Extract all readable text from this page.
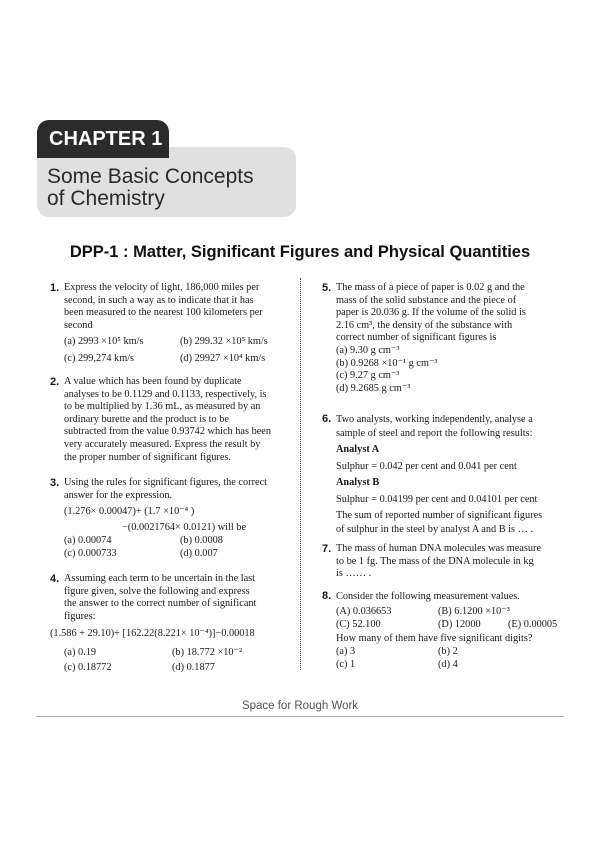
CHAPTER 1
Some Basic Concepts
of Chemistry
DPP-1 : Matter, Significant Figures and Physical Quantities
1. Express the velocity of light, 186,000 miles per
second, in such a way as to indicate that it has
been measured to the nearest 100 kilometers per
second
(a) 2993 ×10⁵ km/s	(b) 299.32 ×10⁵ km/s
(c) 299,274 km/s	(d) 29927 ×10⁴ km/s
2. A value which has been found by duplicate
analyses to be 0.1129 and 0.1133, respectively, is
to be multiplied by 1.36 mL, as measured by an
ordinary burette and the product is to be
subtracted from the value 0.93742 which has been
very accurately measured. Express the result by
the proper number of significant figures.
3. Using the rules for significant figures, the correct
answer for the expression.
(1.276× 0.00047)+ (1.7 ×10⁻⁴ )
−(0.0021764× 0.0121) will be
(a) 0.00074	(b) 0.0008
(c) 0.000733	(d) 0.007
4. Assuming each term to be uncertain in the last
figure given, solve the following and express
the answer to the correct number of significant
figures:
(1.586 + 29.10)+ [162.22(8.221× 10⁻⁴)]−0.00018
(a) 0.19	(b) 18.772 ×10⁻²
(c) 0.18772	(d) 0.1877
5. The mass of a piece of paper is 0.02 g and the
mass of the solid substance and the piece of
paper is 20.036 g. If the volume of the solid is
2.16 cm³, the density of the substance with
correct number of significant figures is
(a) 9.30 g cm⁻³
(b) 0.9268 ×10⁻¹ g cm⁻³
(c) 9.27 g cm⁻³
(d) 9.2685 g cm⁻³
6. Two analysts, working independently, analyse a
sample of steel and report the following results:
Analyst A
Sulphur = 0.042 per cent and 0.041 per cent
Analyst B
Sulphur = 0.04199 per cent and 0.04101 per cent
The sum of reported number of significant figures
of sulphur in the steel by analyst A and B is … .
7. The mass of human DNA molecules was measure
to be 1 fg. The mass of the DNA molecule in kg
is …… .
8. Consider the following measurement values.
(A) 0.036653	(B) 6.1200 ×10⁻³
(C) 52.100	(D) 12000	(E) 0.00005
How many of them have five significant digits?
(a) 3	(b) 2
(c) 1	(d) 4
Space for Rough Work
